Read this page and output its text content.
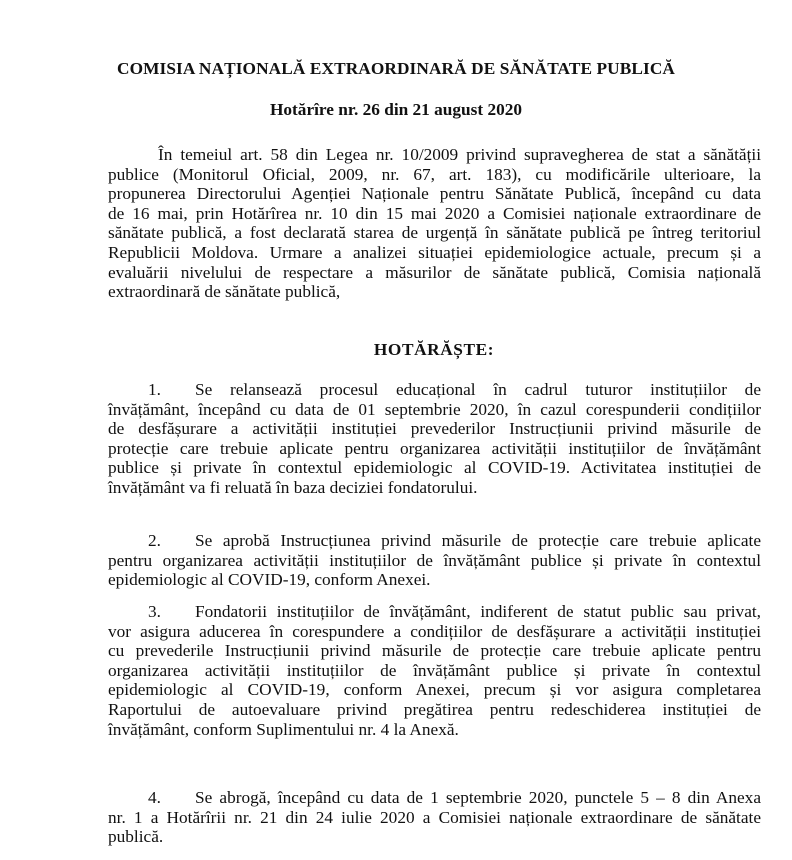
COMISIA NAȚIONALĂ EXTRAORDINARĂ DE SĂNĂTATE PUBLICĂ
Hotărîre nr. 26 din 21 august 2020
În temeiul art. 58 din Legea nr. 10/2009 privind supravegherea de stat a sănătății
publice (Monitorul Oficial, 2009, nr. 67, art. 183), cu modificările ulterioare, la
propunerea Directorului Agenției Naționale pentru Sănătate Publică, începând cu data
de 16 mai, prin Hotărîrea nr. 10 din 15 mai 2020 a Comisiei naționale extraordinare de
sănătate publică, a fost declarată starea de urgență în sănătate publică pe întreg teritoriul
Republicii Moldova. Urmare a analizei situației epidemiologice actuale, precum și a
evaluării nivelului de respectare a măsurilor de sănătate publică, Comisia națională
extraordinară de sănătate publică,
HOTĂRĂȘTE:
1. Se relansează procesul educațional în cadrul tuturor instituțiilor de
învățământ, începând cu data de 01 septembrie 2020, în cazul corespunderii condițiilor
de desfășurare a activității instituției prevederilor Instrucțiunii privind măsurile de
protecție care trebuie aplicate pentru organizarea activității instituțiilor de învățământ
publice și private în contextul epidemiologic al COVID-19. Activitatea instituției de
învățământ va fi reluată în baza deciziei fondatorului.
2. Se aprobă Instrucțiunea privind măsurile de protecție care trebuie aplicate
pentru organizarea activității instituțiilor de învățământ publice și private în contextul
epidemiologic al COVID-19, conform Anexei.
3. Fondatorii instituțiilor de învățământ, indiferent de statut public sau privat,
vor asigura aducerea în corespundere a condițiilor de desfășurare a activității instituției
cu prevederile Instrucțiunii privind măsurile de protecție care trebuie aplicate pentru
organizarea activității instituțiilor de învățământ publice și private în contextul
epidemiologic al COVID-19, conform Anexei, precum și vor asigura completarea
Raportului de autoevaluare privind pregătirea pentru redeschiderea instituției de
învățământ, conform Suplimentului nr. 4 la Anexă.
4. Se abrogă, începând cu data de 1 septembrie 2020, punctele 5 – 8 din Anexa
nr. 1 a Hotărîrii nr. 21 din 24 iulie 2020 a Comisiei naționale extraordinare de sănătate
publică.
